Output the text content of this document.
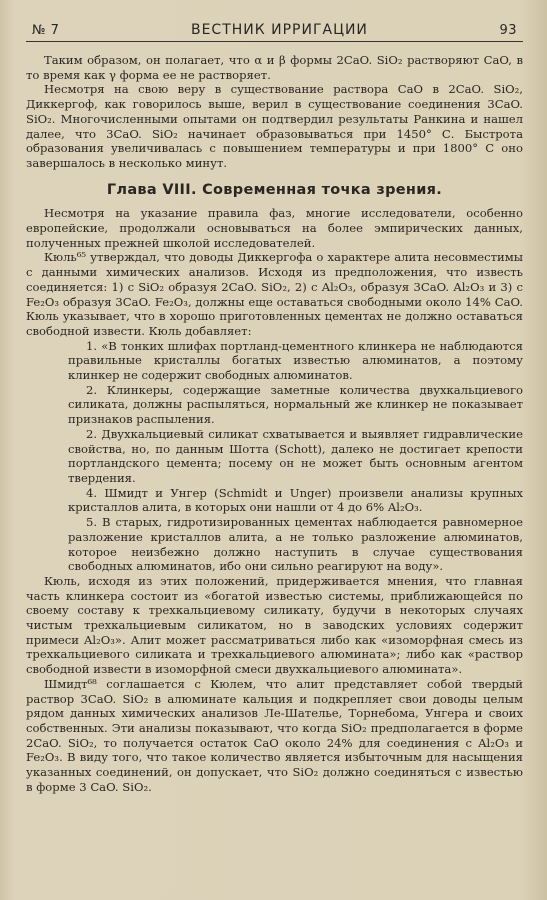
№ 7	ВЕСТНИК ИРРИГАЦИИ	93

Таким образом, он полагает, что α и β формы 2CaO. SiO₂ растворяют CaO, в то время как γ форма ее не растворяет.

Несмотря на свою веру в существование раствора CaO в 2CaO. SiO₂, Диккергоф, как говорилось выше, верил в существование соединения 3CaO. SiO₂. Многочисленными опытами он подтвердил результаты Ранкина и нашел далее, что 3CaO. SiO₂ начинает образовываться при 1450° С. Быстрота образования увеличивалась с повышением температуры и при 1800° С оно завершалось в несколько минут.

Глава VIII. Современная точка зрения.

Несмотря на указание правила фаз, многие исследователи, особенно европейские, продолжали основываться на более эмпирических данных, полученных прежней школой исследователей.

Кюль⁶⁵ утверждал, что доводы Диккергофа о характере алита несовместимы с данными химических анализов. Исходя из предположения, что известь соединяется: 1) с SiO₂ образуя 2CaO. SiO₂, 2) с Al₂O₃, образуя 3CaO. Al₂O₃ и 3) с Fe₂O₃ образуя 3CaO. Fe₂O₃, должны еще оставаться свободными около 14% CaO. Кюль указывает, что в хорошо приготовленных цементах не должно оставаться свободной извести. Кюль добавляет:

1. «В тонких шлифах портланд-цементного клинкера не наблюдаются правильные кристаллы богатых известью алюминатов, а поэтому клинкер не содержит свободных алюминатов.

2. Клинкеры, содержащие заметные количества двухкальциевого силиката, должны распыляться, нормальный же клинкер не показывает признаков распыления.

2. Двухкальциевый силикат схватывается и выявляет гидравлические свойства, но, по данным Шотта (Schott), далеко не достигает крепости портландского цемента; посему он не может быть основным агентом твердения.

4. Шмидт и Унгер (Schmidt и Unger) произвели анализы крупных кристаллов алита, в которых они нашли от 4 до 6% Al₂O₃.

5. В старых, гидротизированных цементах наблюдается равномерное разложение кристаллов алита, а не только разложение алюминатов, которое неизбежно должно наступить в случае существования свободных алюминатов, ибо они сильно реагируют на воду».

Кюль, исходя из этих положений, придерживается мнения, что главная часть клинкера состоит из «богатой известью системы, приближающейся по своему составу к трехкальциевому силикату, будучи в некоторых случаях чистым трехкальциевым силикатом, но в заводских условиях содержит примеси Al₂O₃». Алит может рассматриваться либо как «изоморфная смесь из трехкальциевого силиката и трехкальциевого алюмината»; либо как «раствор свободной извести в изоморфной смеси двухкальциевого алюмината».

Шмидт⁶⁸ соглашается с Кюлем, что алит представляет собой твердый раствор 3CaO. SiO₂ в алюминате кальция и подкрепляет свои доводы целым рядом данных химических анализов Ле-Шателье, Торнебома, Унгера и своих собственных. Эти анализы показывают, что когда SiO₂ предполагается в форме 2CaO. SiO₂, то получается остаток CaO около 24% для соединения с Al₂O₃ и Fe₂O₃. В виду того, что такое количество является избыточным для насыщения указанных соединений, он допускает, что SiO₂ должно соединяться с известью в форме 3 CaO. SiO₂.
